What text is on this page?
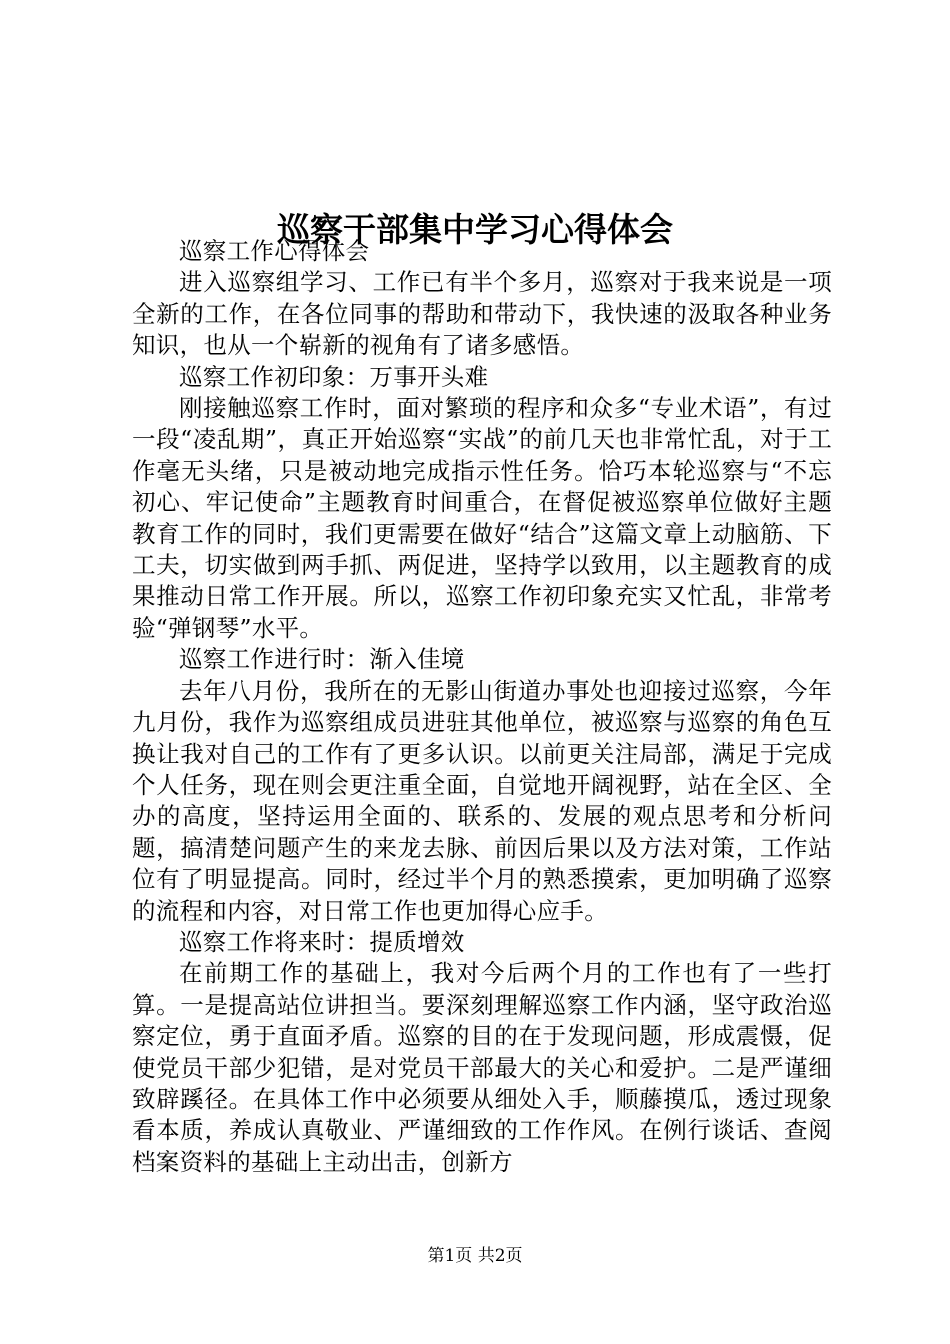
巡察干部集中学习心得体会

巡察工作心得体会

进入巡察组学习、工作已有半个多月，巡察对于我来说是一项全新的工作，在各位同事的帮助和带动下，我快速的汲取各种业务知识，也从一个崭新的视角有了诸多感悟。

巡察工作初印象：万事开头难

刚接触巡察工作时，面对繁琐的程序和众多“专业术语”，有过一段“凌乱期”，真正开始巡察“实战”的前几天也非常忙乱，对于工作毫无头绪，只是被动地完成指示性任务。恰巧本轮巡察与“不忘初心、牢记使命”主题教育时间重合，在督促被巡察单位做好主题教育工作的同时，我们更需要在做好“结合”这篇文章上动脑筋、下工夫，切实做到两手抓、两促进，坚持学以致用，以主题教育的成果推动日常工作开展。所以，巡察工作初印象充实又忙乱，非常考验“弹钢琴”水平。

巡察工作进行时：渐入佳境

去年八月份，我所在的无影山街道办事处也迎接过巡察，今年九月份，我作为巡察组成员进驻其他单位，被巡察与巡察的角色互换让我对自己的工作有了更多认识。以前更关注局部，满足于完成个人任务，现在则会更注重全面，自觉地开阔视野，站在全区、全办的高度，坚持运用全面的、联系的、发展的观点思考和分析问题，搞清楚问题产生的来龙去脉、前因后果以及方法对策，工作站位有了明显提高。同时，经过半个月的熟悉摸索，更加明确了巡察的流程和内容，对日常工作也更加得心应手。

巡察工作将来时：提质增效

在前期工作的基础上，我对今后两个月的工作也有了一些打算。一是提高站位讲担当。要深刻理解巡察工作内涵，坚守政治巡察定位，勇于直面矛盾。巡察的目的在于发现问题，形成震慑，促使党员干部少犯错，是对党员干部最大的关心和爱护。二是严谨细致辟蹊径。在具体工作中必须要从细处入手，顺藤摸瓜，透过现象看本质，养成认真敬业、严谨细致的工作作风。在例行谈话、查阅档案资料的基础上主动出击，创新方

第1页 共2页
